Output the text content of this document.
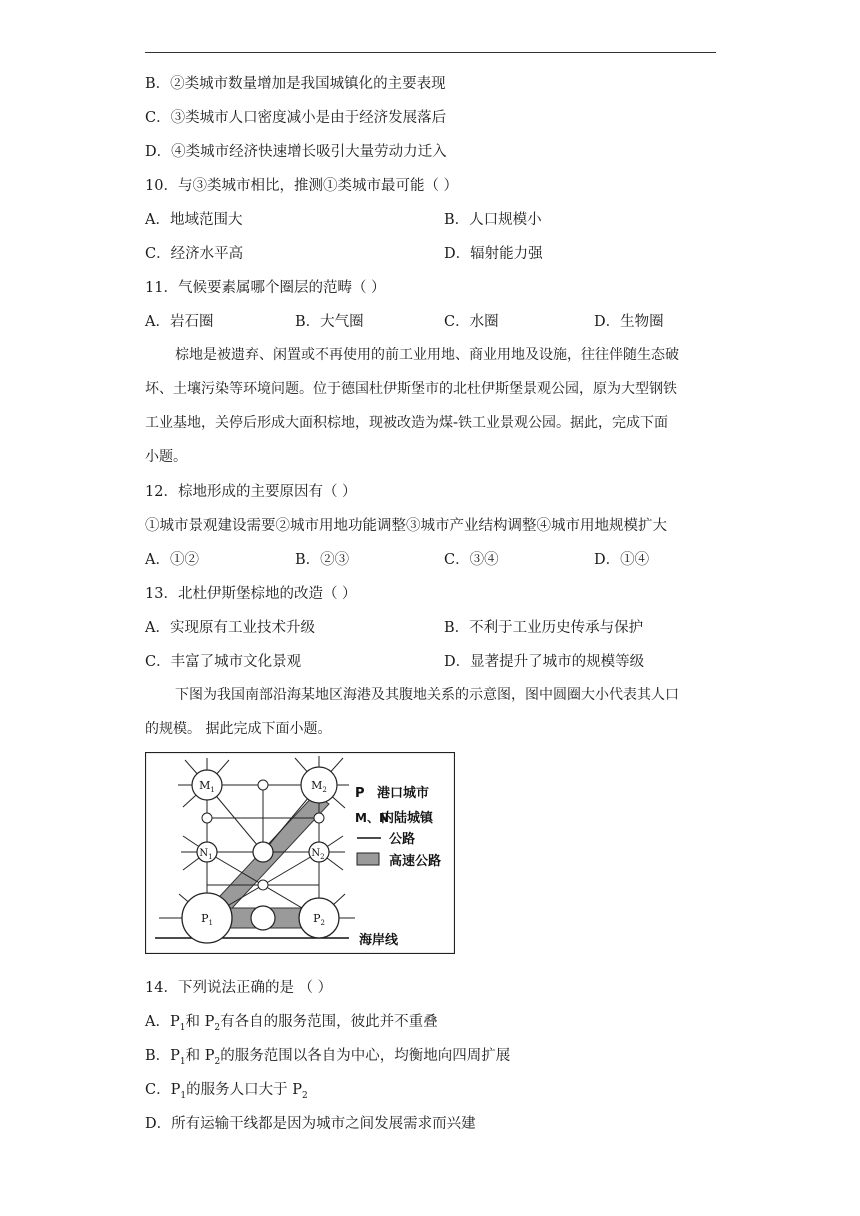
B．②类城市数量增加是我国城镇化的主要表现
C．③类城市人口密度减小是由于经济发展落后
D．④类城市经济快速增长吸引大量劳动力迁入
10．与③类城市相比，推测①类城市最可能（ ）
A．地域范围大	B．人口规模小
C．经济水平高	D．辐射能力强
11．气候要素属哪个圈层的范畴（ ）
A．岩石圈	B．大气圈	C．水圈	D．生物圈
棕地是被遗弃、闲置或不再使用的前工业用地、商业用地及设施，往往伴随生态破
坏、土壤污染等环境问题。位于德国杜伊斯堡市的北杜伊斯堡景观公园，原为大型钢铁
工业基地，关停后形成大面积棕地，现被改造为煤-铁工业景观公园。据此，完成下面
小题。
12．棕地形成的主要原因有（ ）
①城市景观建设需要②城市用地功能调整③城市产业结构调整④城市用地规模扩大
A．①②	B．②③	C．③④	D．①④
13．北杜伊斯堡棕地的改造（ ）
A．实现原有工业技术升级	B．不利于工业历史传承与保护
C．丰富了城市文化景观	D．显著提升了城市的规模等级
下图为我国南部沿海某地区海港及其腹地关系的示意图，图中圆圈大小代表其人口
的规模。 据此完成下面小题。
$M_1$	$M_2$
$N_1$	$N_2$
$P_1$	$P_2$
P 港口城市
M、N
内陆城镇
公路
高速公路
海岸线
14．下列说法正确的是 （ ）
A．$P_1$和 $P_2$有各自的服务范围，彼此并不重叠
B．$P_1$和 $P_2$的服务范围以各自为中心，均衡地向四周扩展
C．$P_1$的服务人口大于 $P_2$
D．所有运输干线都是因为城市之间发展需求而兴建
